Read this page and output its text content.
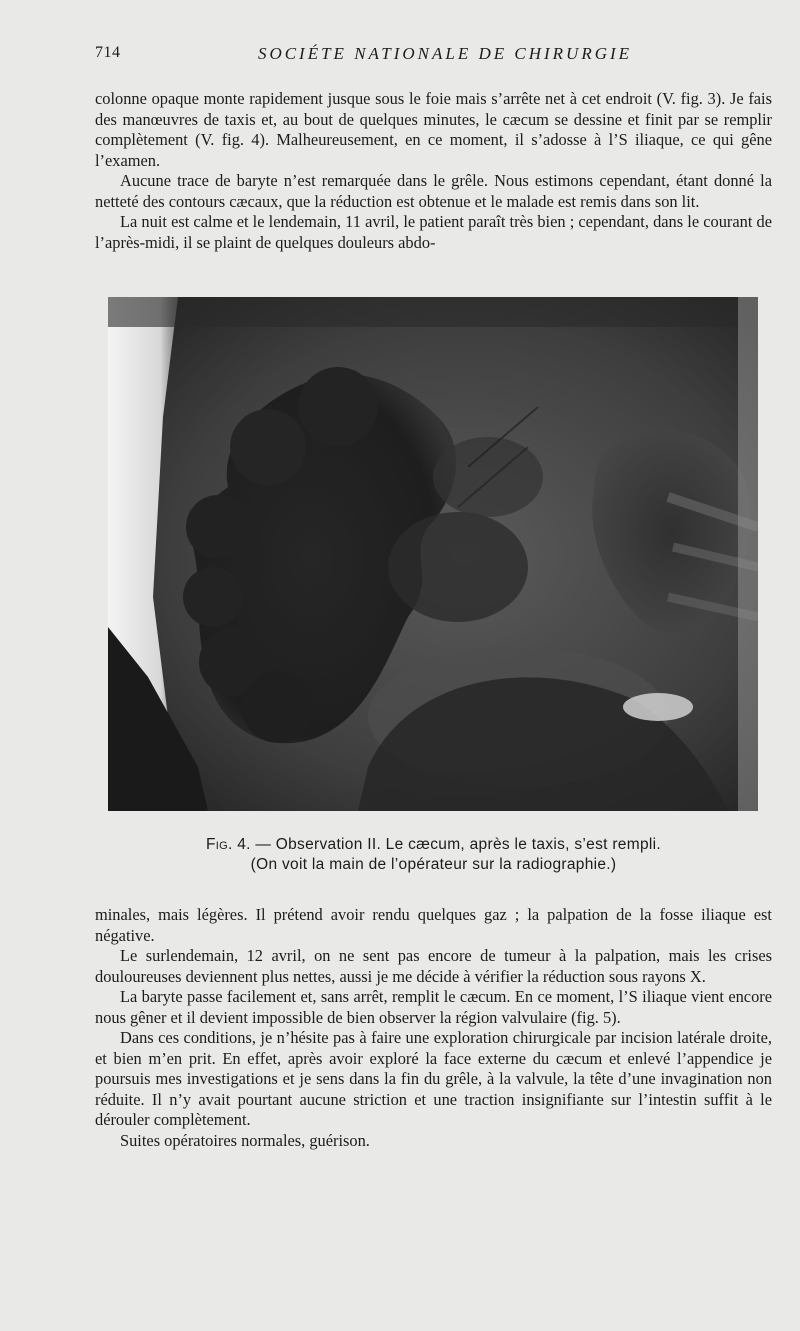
714	SOCIÉTE NATIONALE DE CHIRURGIE

colonne opaque monte rapidement jusque sous le foie mais s’arrête net à cet endroit (V. fig. 3). Je fais des manœuvres de taxis et, au bout de quelques minutes, le cæcum se dessine et finit par se remplir complètement (V. fig. 4). Malheureusement, en ce moment, il s’adosse à l’S iliaque, ce qui gêne l’examen.

Aucune trace de baryte n’est remarquée dans le grêle. Nous estimons cependant, étant donné la netteté des contours cæcaux, que la réduction est obtenue et le malade est remis dans son lit.

La nuit est calme et le lendemain, 11 avril, le patient paraît très bien ; cependant, dans le courant de l’après-midi, il se plaint de quelques douleurs abdo-

Fig. 4. — Observation II. Le cæcum, après le taxis, s’est rempli.
(On voit la main de l’opérateur sur la radiographie.)

minales, mais légères. Il prétend avoir rendu quelques gaz ; la palpation de la fosse iliaque est négative.

Le surlendemain, 12 avril, on ne sent pas encore de tumeur à la palpation, mais les crises douloureuses deviennent plus nettes, aussi je me décide à vérifier la réduction sous rayons X.

La baryte passe facilement et, sans arrêt, remplit le cæcum. En ce moment, l’S iliaque vient encore nous gêner et il devient impossible de bien observer la région valvulaire (fig. 5).

Dans ces conditions, je n’hésite pas à faire une exploration chirurgicale par incision latérale droite, et bien m’en prit. En effet, après avoir exploré la face externe du cæcum et enlevé l’appendice je poursuis mes investigations et je sens dans la fin du grêle, à la valvule, la tête d’une invagination non réduite. Il n’y avait pourtant aucune striction et une traction insignifiante sur l’intestin suffit à le dérouler complètement.

Suites opératoires normales, guérison.
